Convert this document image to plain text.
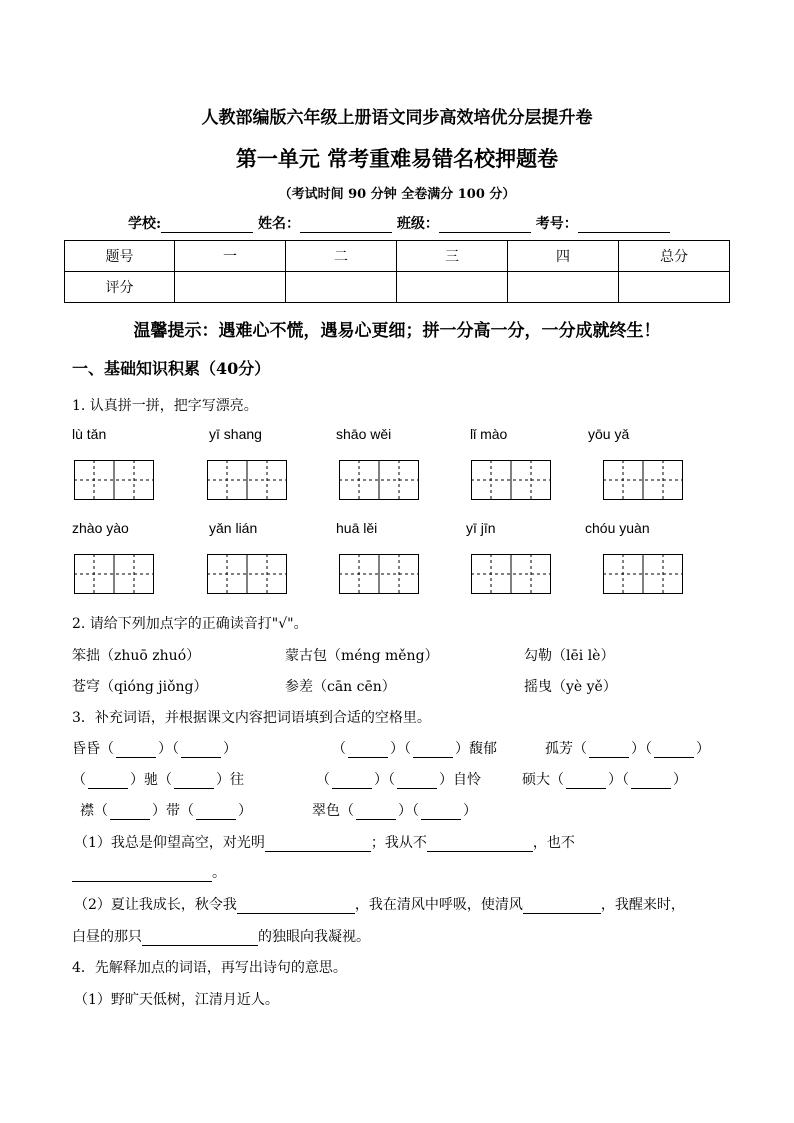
人教部编版六年级上册语文同步高效培优分层提升卷
第一单元 常考重难易错名校押题卷
（考试时间 90 分钟 全卷满分 100 分）
学校:	姓名：	班级：	考号：
题号	一	二	三	四	总分
评分					
温馨提示：遇难心不慌，遇易心更细；拼一分高一分，一分成就终生！
一、基础知识积累（40分）
1. 认真拼一拼，把字写漂亮。
lù tǎn	yī shang	shāo wěi	lǐ mào	yōu yǎ
zhào yào	yǎn lián	huā lěi	yī jīn	chóu yuàn
2. 请给下列加点字的正确读音打"√"。
笨拙（zhuō zhuó）	蒙古包（méng měng）	勾勒（lēi lè）
苍穹（qióng jiǒng）	参差（cān cēn）	摇曳（yè yě）
3．补充词语，并根据课文内容把词语填到合适的空格里。
昏昏（	）（	）	（	）（	）馥郁	孤芳（	）（	）
（	）驰（	）往	（	）（	）自怜	硕大（	）（	）
襟（	）带（	）	翠色（	）（	）
（1）我总是仰望高空，对光明	；我从不	，也不
。
（2）夏让我成长，秋令我	，我在清风中呼吸，使清风	，我醒来时，
白昼的那只	的独眼向我凝视。
4．先解释加点的词语，再写出诗句的意思。
（1）野旷天低树，江清月近人。
